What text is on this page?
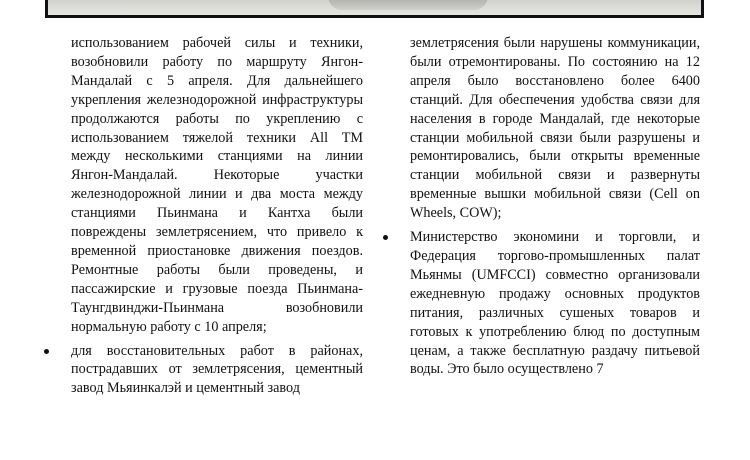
использованием рабочей силы и техники, возобновили работу по маршруту Янгон-Мандалай с 5 апреля. Для дальнейшего укрепления железнодорожной инфраструктуры продолжаются работы по укреплению с использованием тяжелой техники All TM между несколькими станциями на линии Янгон-Мандалай. Некоторые участки железнодорожной линии и два моста между станциями Пьинмана и Кантха были повреждены землетрясением, что привело к временной приостановке движения поездов. Ремонтные работы были проведены, и пассажирские и грузовые поезда Пьинмана-Таунгдвинджи-Пьинмана возобновили нормальную работу с 10 апреля;

для восстановительных работ в районах, пострадавших от землетрясения, цементный завод Мьяинкалэй и цементный завод

землетрясения были нарушены коммуникации, были отремонтированы. По состоянию на 12 апреля было восстановлено более 6400 станций. Для обеспечения удобства связи для населения в городе Мандалай, где некоторые станции мобильной связи были разрушены и ремонтировались, были открыты временные станции мобильной связи и развернуты временные вышки мобильной связи (Cell on Wheels, COW);

Министерство экономини и торговли, и Федерация торгово-промышленных палат Мьянмы (UMFCCI) совместно организовали ежедневную продажу основных продуктов питания, различных сушеных товаров и готовых к употреблению блюд по доступным ценам, а также бесплатную раздачу питьевой воды. Это было осуществлено 7
